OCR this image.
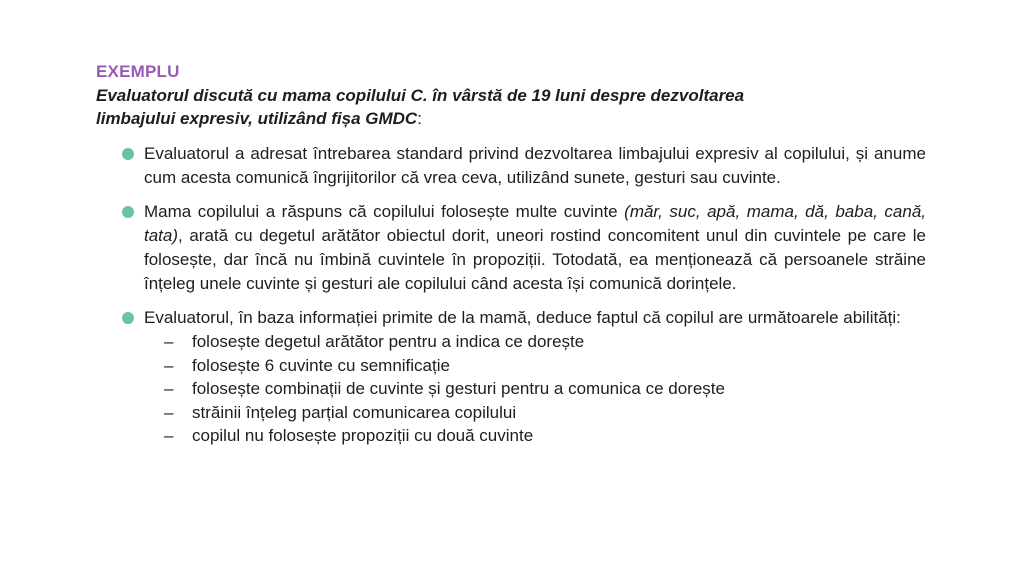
EXEMPLU

Evaluatorul discută cu mama copilului C. în vârstă de 19 luni despre dezvoltarea limbajului expresiv, utilizând fișa GMDC:

Evaluatorul a adresat întrebarea standard privind dezvoltarea limbajului expresiv al copilului, și anume cum acesta comunică îngrijitorilor că vrea ceva, utilizând sunete, gesturi sau cuvinte.
Mama copilului a răspuns că copilului folosește multe cuvinte (măr, suc, apă, mama, dă, baba, cană, tata), arată cu degetul arătător obiectul dorit, uneori rostind concomitent unul din cuvintele pe care le folosește, dar încă nu îmbină cuvintele în propoziții. Totodată, ea menționează că persoanele străine înțeleg unele cuvinte și gesturi ale copilului când acesta își comunică dorințele.
Evaluatorul, în baza informației primite de la mamă, deduce faptul că copilul are următoarele abilități:
– folosește degetul arătător pentru a indica ce dorește
– folosește 6 cuvinte cu semnificație
– folosește combinații de cuvinte și gesturi pentru a comunica ce dorește
– străinii înțeleg parțial comunicarea copilului
– copilul nu folosește propoziții cu două cuvinte
